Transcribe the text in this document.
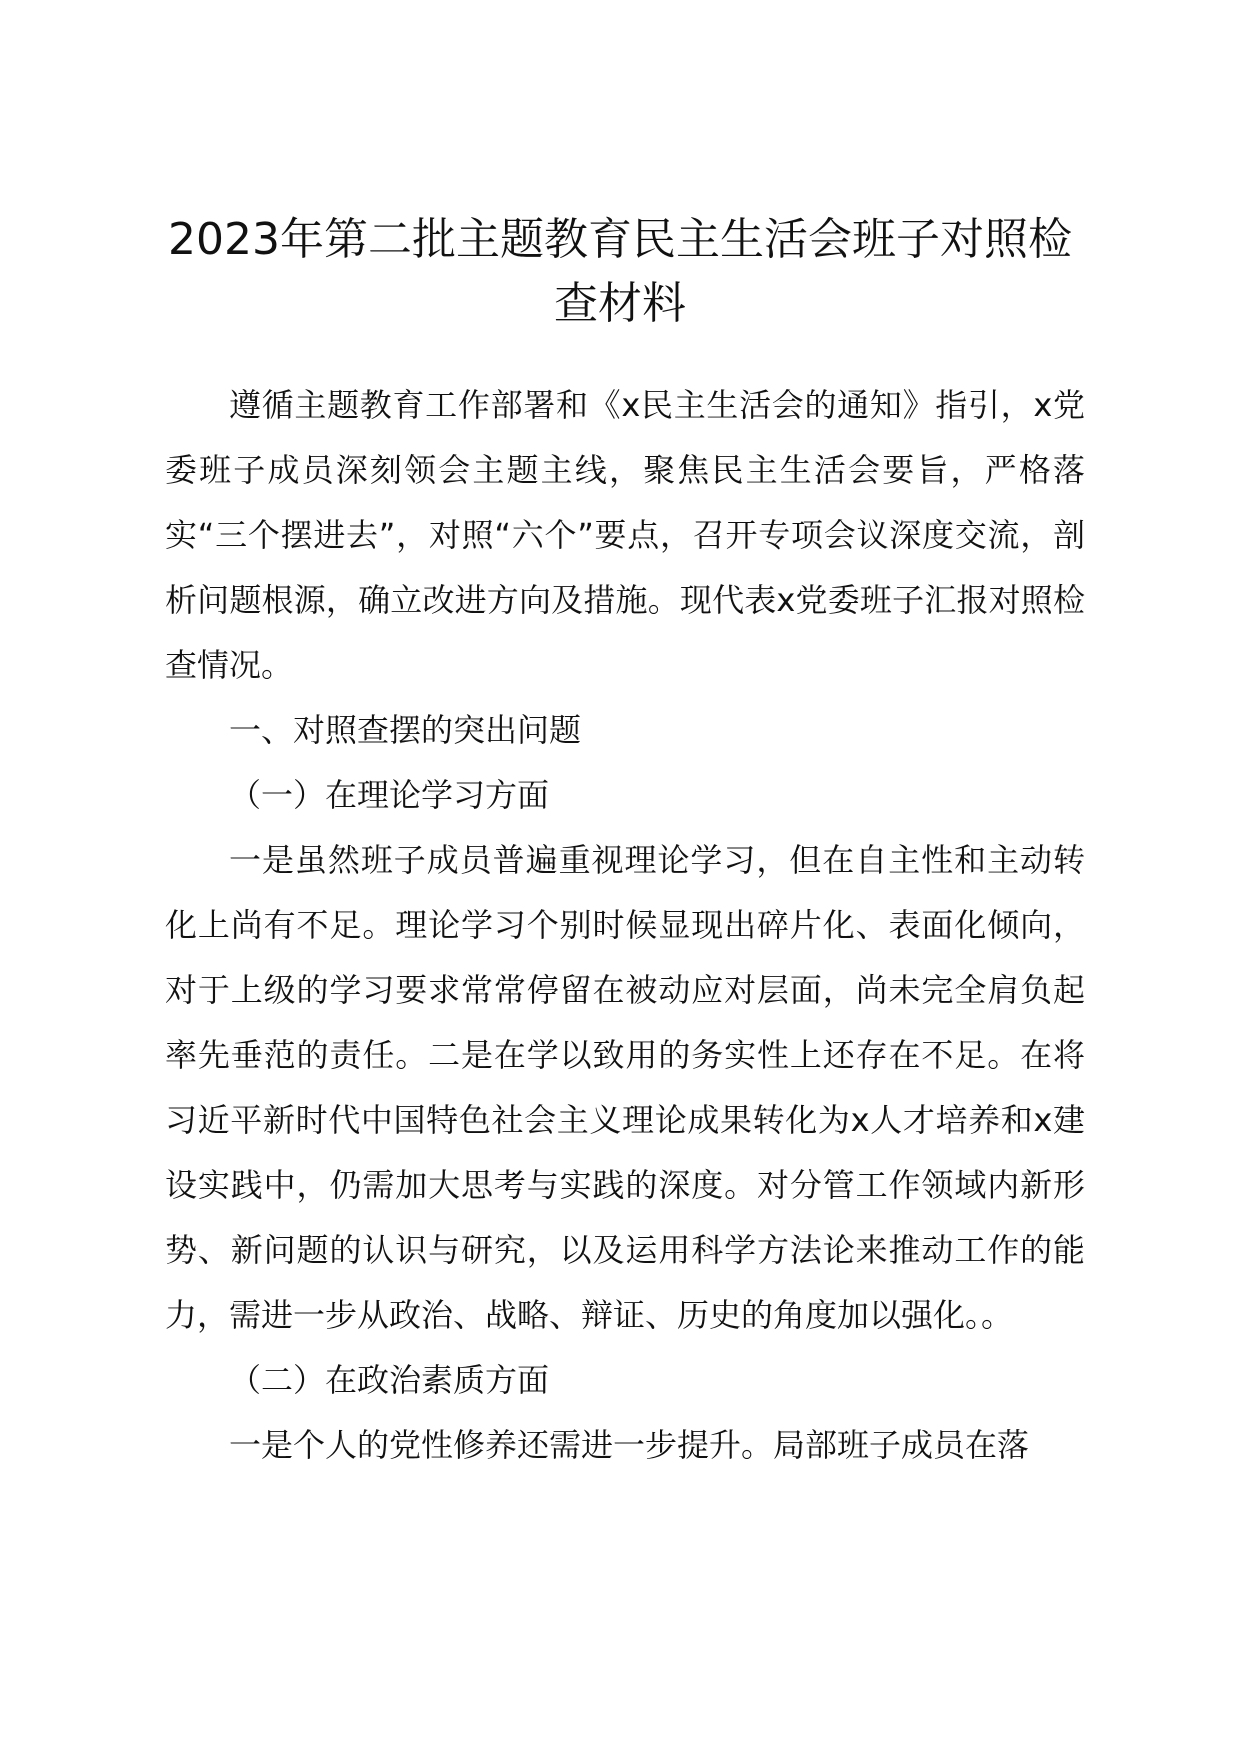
2023年第二批主题教育民主生活会班子对照检查材料

遵循主题教育工作部署和《x民主生活会的通知》指引，x党委班子成员深刻领会主题主线，聚焦民主生活会要旨，严格落实“三个摆进去”，对照“六个”要点，召开专项会议深度交流，剖析问题根源，确立改进方向及措施。现代表x党委班子汇报对照检查情况。

一、对照查摆的突出问题

（一）在理论学习方面

一是虽然班子成员普遍重视理论学习，但在自主性和主动转化上尚有不足。理论学习个别时候显现出碎片化、表面化倾向，对于上级的学习要求常常停留在被动应对层面，尚未完全肩负起率先垂范的责任。二是在学以致用的务实性上还存在不足。在将习近平新时代中国特色社会主义理论成果转化为x人才培养和x建设实践中，仍需加大思考与实践的深度。对分管工作领域内新形势、新问题的认识与研究，以及运用科学方法论来推动工作的能力，需进一步从政治、战略、辩证、历史的角度加以强化。。

（二）在政治素质方面

一是个人的党性修养还需进一步提升。局部班子成员在落
